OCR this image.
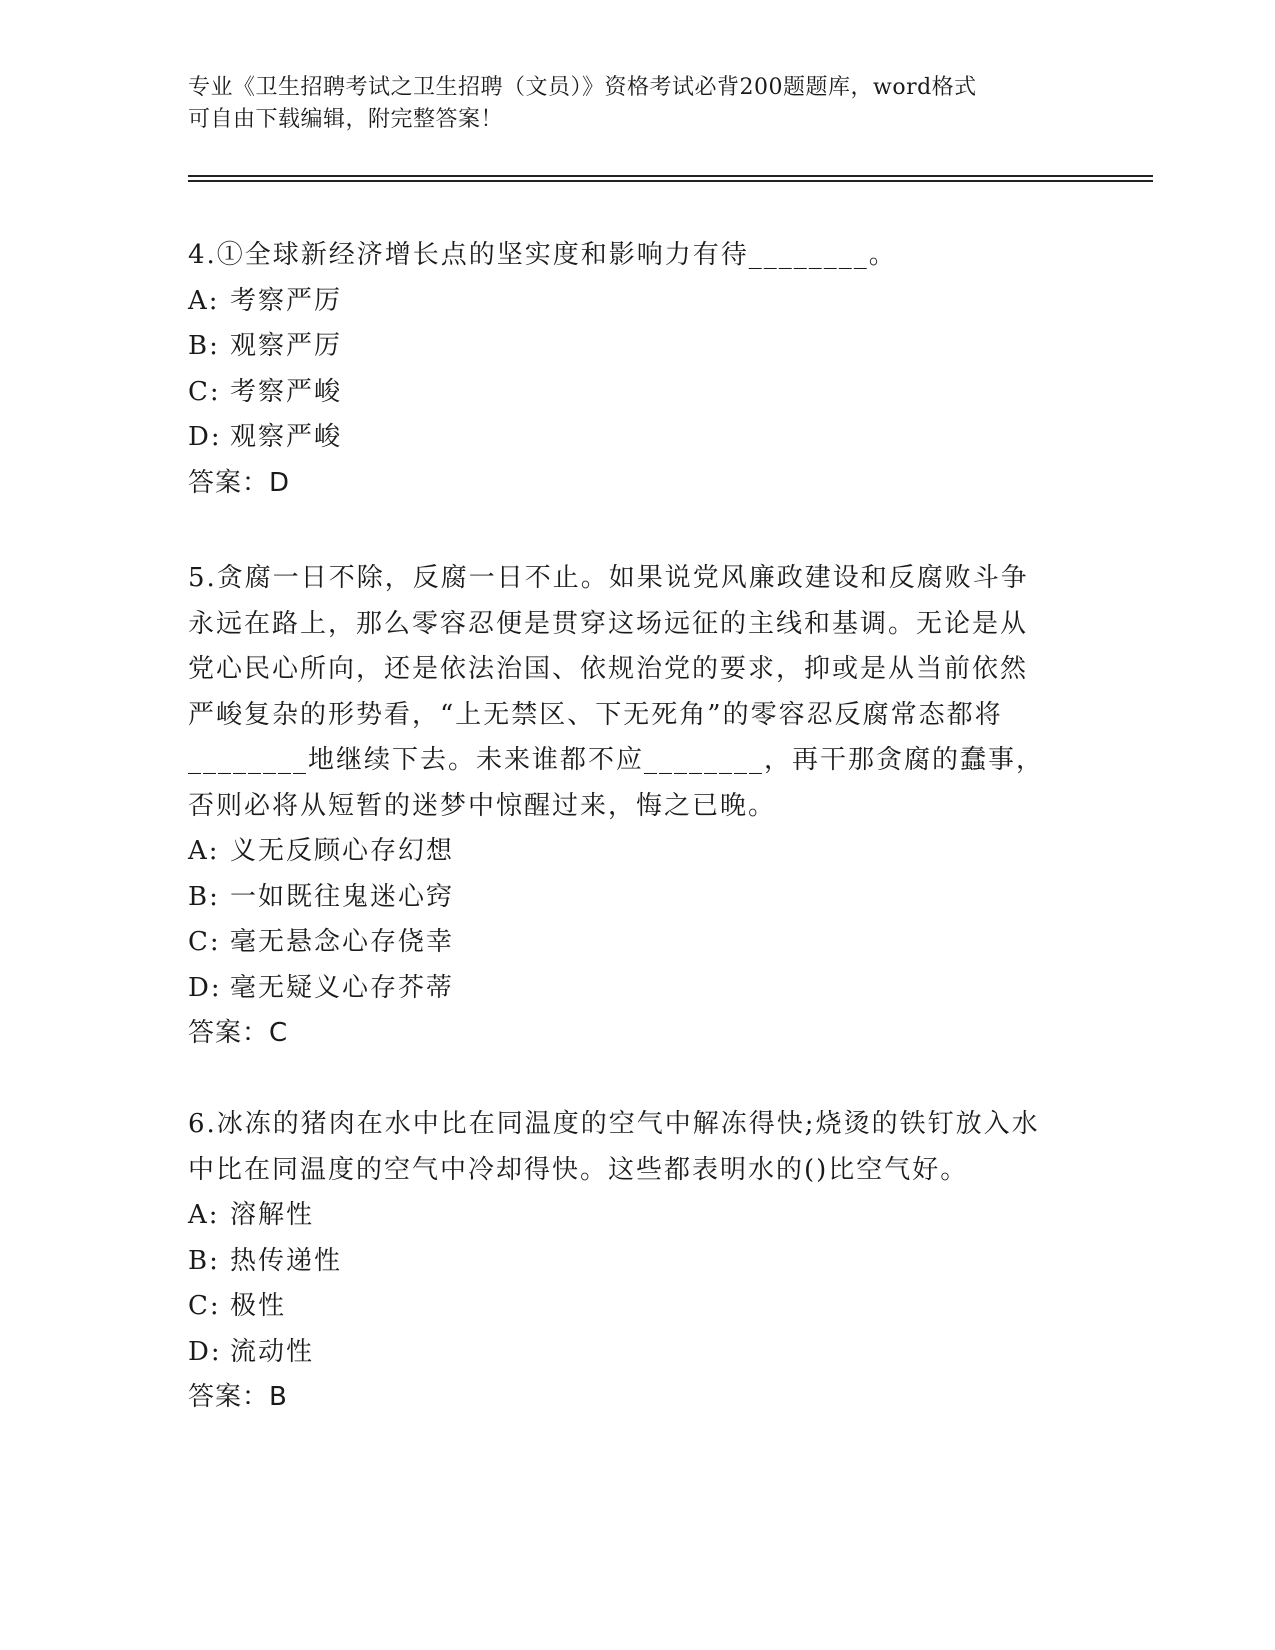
专业《卫生招聘考试之卫生招聘（文员）》资格考试必背200题题库，word格式
可自由下载编辑，附完整答案！

4.①全球新经济增长点的坚实度和影响力有待________。

A: 考察严厉

B: 观察严厉

C: 考察严峻

D: 观察严峻

答案：D

5.贪腐一日不除，反腐一日不止。如果说党风廉政建设和反腐败斗争

永远在路上，那么零容忍便是贯穿这场远征的主线和基调。无论是从

党心民心所向，还是依法治国、依规治党的要求，抑或是从当前依然

严峻复杂的形势看，“上无禁区、下无死角”的零容忍反腐常态都将

________地继续下去。未来谁都不应________，再干那贪腐的蠢事，

否则必将从短暂的迷梦中惊醒过来，悔之已晚。

A: 义无反顾心存幻想

B: 一如既往鬼迷心窍

C: 毫无悬念心存侥幸

D: 毫无疑义心存芥蒂

答案：C

6.冰冻的猪肉在水中比在同温度的空气中解冻得快;烧烫的铁钉放入水

中比在同温度的空气中冷却得快。这些都表明水的()比空气好。

A: 溶解性

B: 热传递性

C: 极性

D: 流动性

答案：B
